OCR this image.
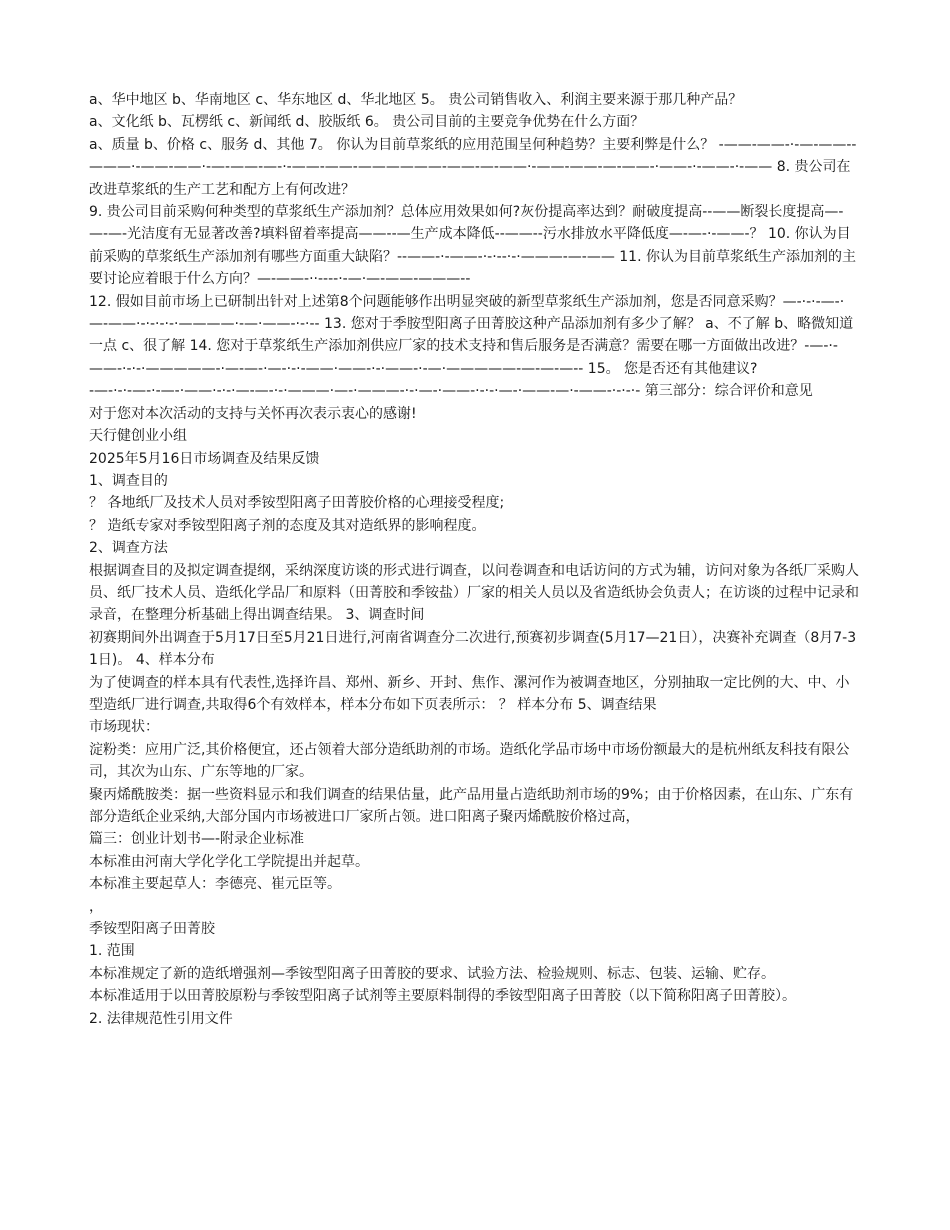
a、华中地区 b、华南地区 c、华东地区 d、华北地区 5。 贵公司销售收入、利润主要来源于那几种产品？

a、文化纸 b、瓦楞纸 c、新闻纸 d、胶版纸 6。 贵公司目前的主要竞争优势在什么方面？

a、质量 b、价格 c、服务 d、其他 7。 你认为目前草浆纸的应用范围呈何种趋势？主要利弊是什么？ -——-——-·-—-——--———·-——-——·-—-——-—-·-——-——-——————-——-—-——·-——-——-—-——-·——-·-——-·-—— 8. 贵公司在改进草浆纸的生产工艺和配方上有何改进？

9. 贵公司目前采购何种类型的草浆纸生产添加剂？总体应用效果如何?灰份提高率达到？耐破度提高--——断裂长度提高—-—-—-光洁度有无显著改善?填料留着率提高——--—生产成本降低--——--污水排放水平降低度—-—-·-——-？ 10. 你认为目前采购的草浆纸生产添加剂有哪些方面重大缺陷？--——-·-——-·-·--·-·———-—-—— 11. 你认为目前草浆纸生产添加剂的主要讨论应着眼于什么方向？—-——-··----·-—·—-——-———--

12. 假如目前市场上已研制出针对上述第8个问题能够作出明显突破的新型草浆纸生产添加剂，您是否同意采购？—-·-·-—-·—-——·-·-·-·-·————·-—·——-·-·-- 13. 您对于季胺型阳离子田菁胶这种产品添加剂有多少了解？ a、不了解 b、略微知道一点 c、很了解 14. 您对于草浆纸生产添加剂供应厂家的技术支持和售后服务是否满意？需要在哪一方面做出改进？-—-·-——-·-·-·—————-·—-—-·—-·-·-——·——-·-·——-·-—·—————-—-—-—-- 15。 您是否还有其他建议?

-—-·-·-—-·-—-·——·-·-·—-—-·-·———·—-·———-·-·—-·——-·-·-·—-·——-—·-——-·-·-·- 第三部分：综合评价和意见

对于您对本次活动的支持与关怀再次表示衷心的感谢!

天行健创业小组

2025年5月16日市场调查及结果反馈

1、调查目的

？ 各地纸厂及技术人员对季铵型阳离子田菁胶价格的心理接受程度;

？ 造纸专家对季铵型阳离子剂的态度及其对造纸界的影响程度。

2、调查方法

根据调查目的及拟定调查提纲，采纳深度访谈的形式进行调查，以问卷调查和电话访问的方式为辅，访问对象为各纸厂采购人员、纸厂技术人员、造纸化学品厂和原料（田菁胶和季铵盐）厂家的相关人员以及省造纸协会负责人；在访谈的过程中记录和录音，在整理分析基础上得出调查结果。 3、调查时间

初赛期间外出调查于5月17日至5月21日进行,河南省调查分二次进行,预赛初步调查(5月17—21日），决赛补充调查（8月7-31日)。 4、样本分布

为了使调查的样本具有代表性,选择许昌、郑州、新乡、开封、焦作、漯河作为被调查地区，分别抽取一定比例的大、中、小型造纸厂进行调查,共取得6个有效样本，样本分布如下页表所示： ？ 样本分布 5、调查结果

市场现状：

淀粉类：应用广泛,其价格便宜，还占领着大部分造纸助剂的市场。造纸化学品市场中市场份额最大的是杭州纸友科技有限公司，其次为山东、广东等地的厂家。

聚丙烯酰胺类：据一些资料显示和我们调查的结果估量，此产品用量占造纸助剂市场的9%；由于价格因素，在山东、广东有部分造纸企业采纳,大部分国内市场被进口厂家所占领。进口阳离子聚丙烯酰胺价格过高，

篇三：创业计划书—-附录企业标准

本标准由河南大学化学化工学院提出并起草。

本标准主要起草人：李德亮、崔元臣等。

，

季铵型阳离子田菁胶

1. 范围

本标准规定了新的造纸增强剂—季铵型阳离子田菁胶的要求、试验方法、检验规则、标志、包装、运输、贮存。

本标准适用于以田菁胶原粉与季铵型阳离子试剂等主要原料制得的季铵型阳离子田菁胶（以下简称阳离子田菁胶）。

2. 法律规范性引用文件
